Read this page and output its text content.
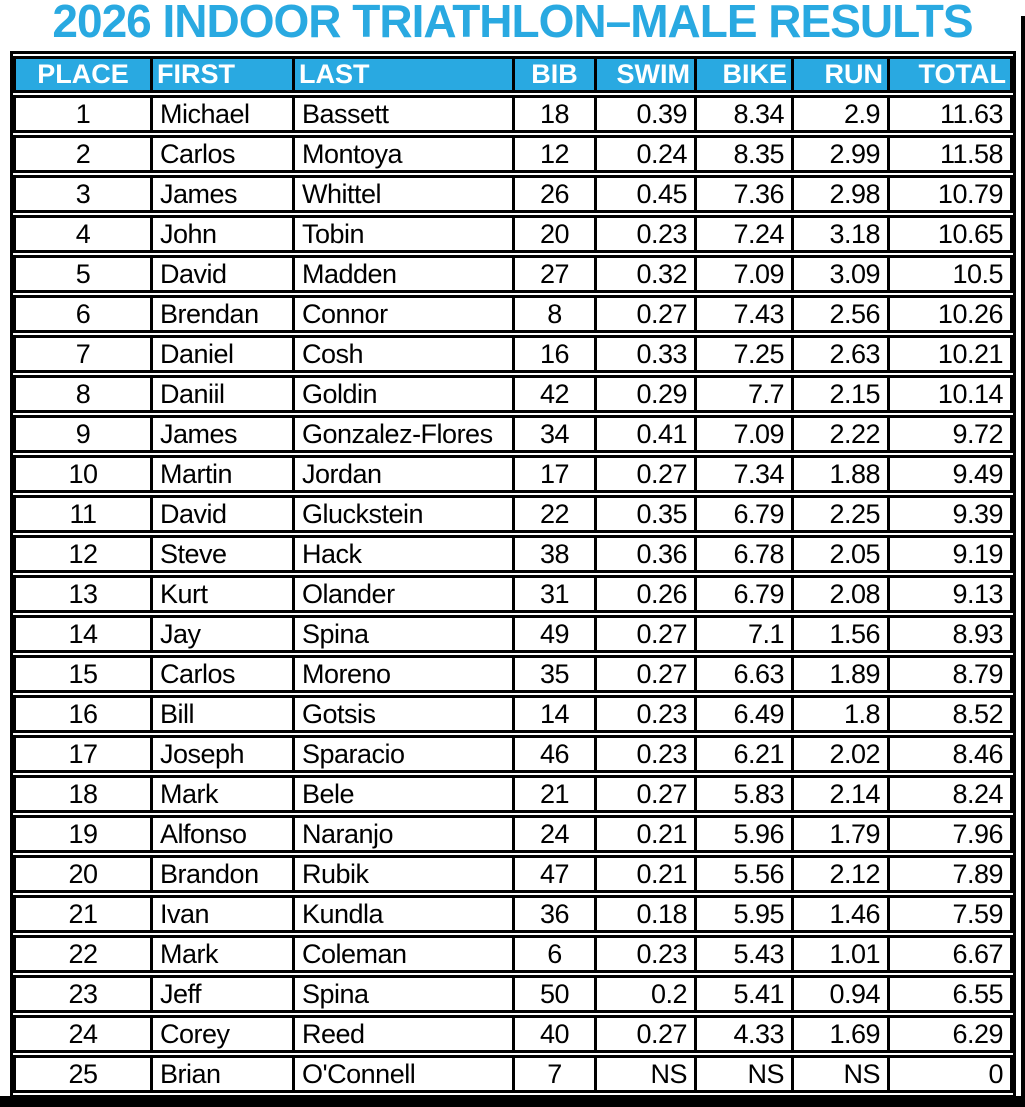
2026 INDOOR TRIATHLON–MALE RESULTS
PLACE	FIRST	LAST	BIB	SWIM	BIKE	RUN	TOTAL
1	Michael	Bassett	18	0.39	8.34	2.9	11.63
2	Carlos	Montoya	12	0.24	8.35	2.99	11.58
3	James	Whittel	26	0.45	7.36	2.98	10.79
4	John	Tobin	20	0.23	7.24	3.18	10.65
5	David	Madden	27	0.32	7.09	3.09	10.5
6	Brendan	Connor	8	0.27	7.43	2.56	10.26
7	Daniel	Cosh	16	0.33	7.25	2.63	10.21
8	Daniil	Goldin	42	0.29	7.7	2.15	10.14
9	James	Gonzalez-Flores	34	0.41	7.09	2.22	9.72
10	Martin	Jordan	17	0.27	7.34	1.88	9.49
11	David	Gluckstein	22	0.35	6.79	2.25	9.39
12	Steve	Hack	38	0.36	6.78	2.05	9.19
13	Kurt	Olander	31	0.26	6.79	2.08	9.13
14	Jay	Spina	49	0.27	7.1	1.56	8.93
15	Carlos	Moreno	35	0.27	6.63	1.89	8.79
16	Bill	Gotsis	14	0.23	6.49	1.8	8.52
17	Joseph	Sparacio	46	0.23	6.21	2.02	8.46
18	Mark	Bele	21	0.27	5.83	2.14	8.24
19	Alfonso	Naranjo	24	0.21	5.96	1.79	7.96
20	Brandon	Rubik	47	0.21	5.56	2.12	7.89
21	Ivan	Kundla	36	0.18	5.95	1.46	7.59
22	Mark	Coleman	6	0.23	5.43	1.01	6.67
23	Jeff	Spina	50	0.2	5.41	0.94	6.55
24	Corey	Reed	40	0.27	4.33	1.69	6.29
25	Brian	O'Connell	7	NS	NS	NS	0
